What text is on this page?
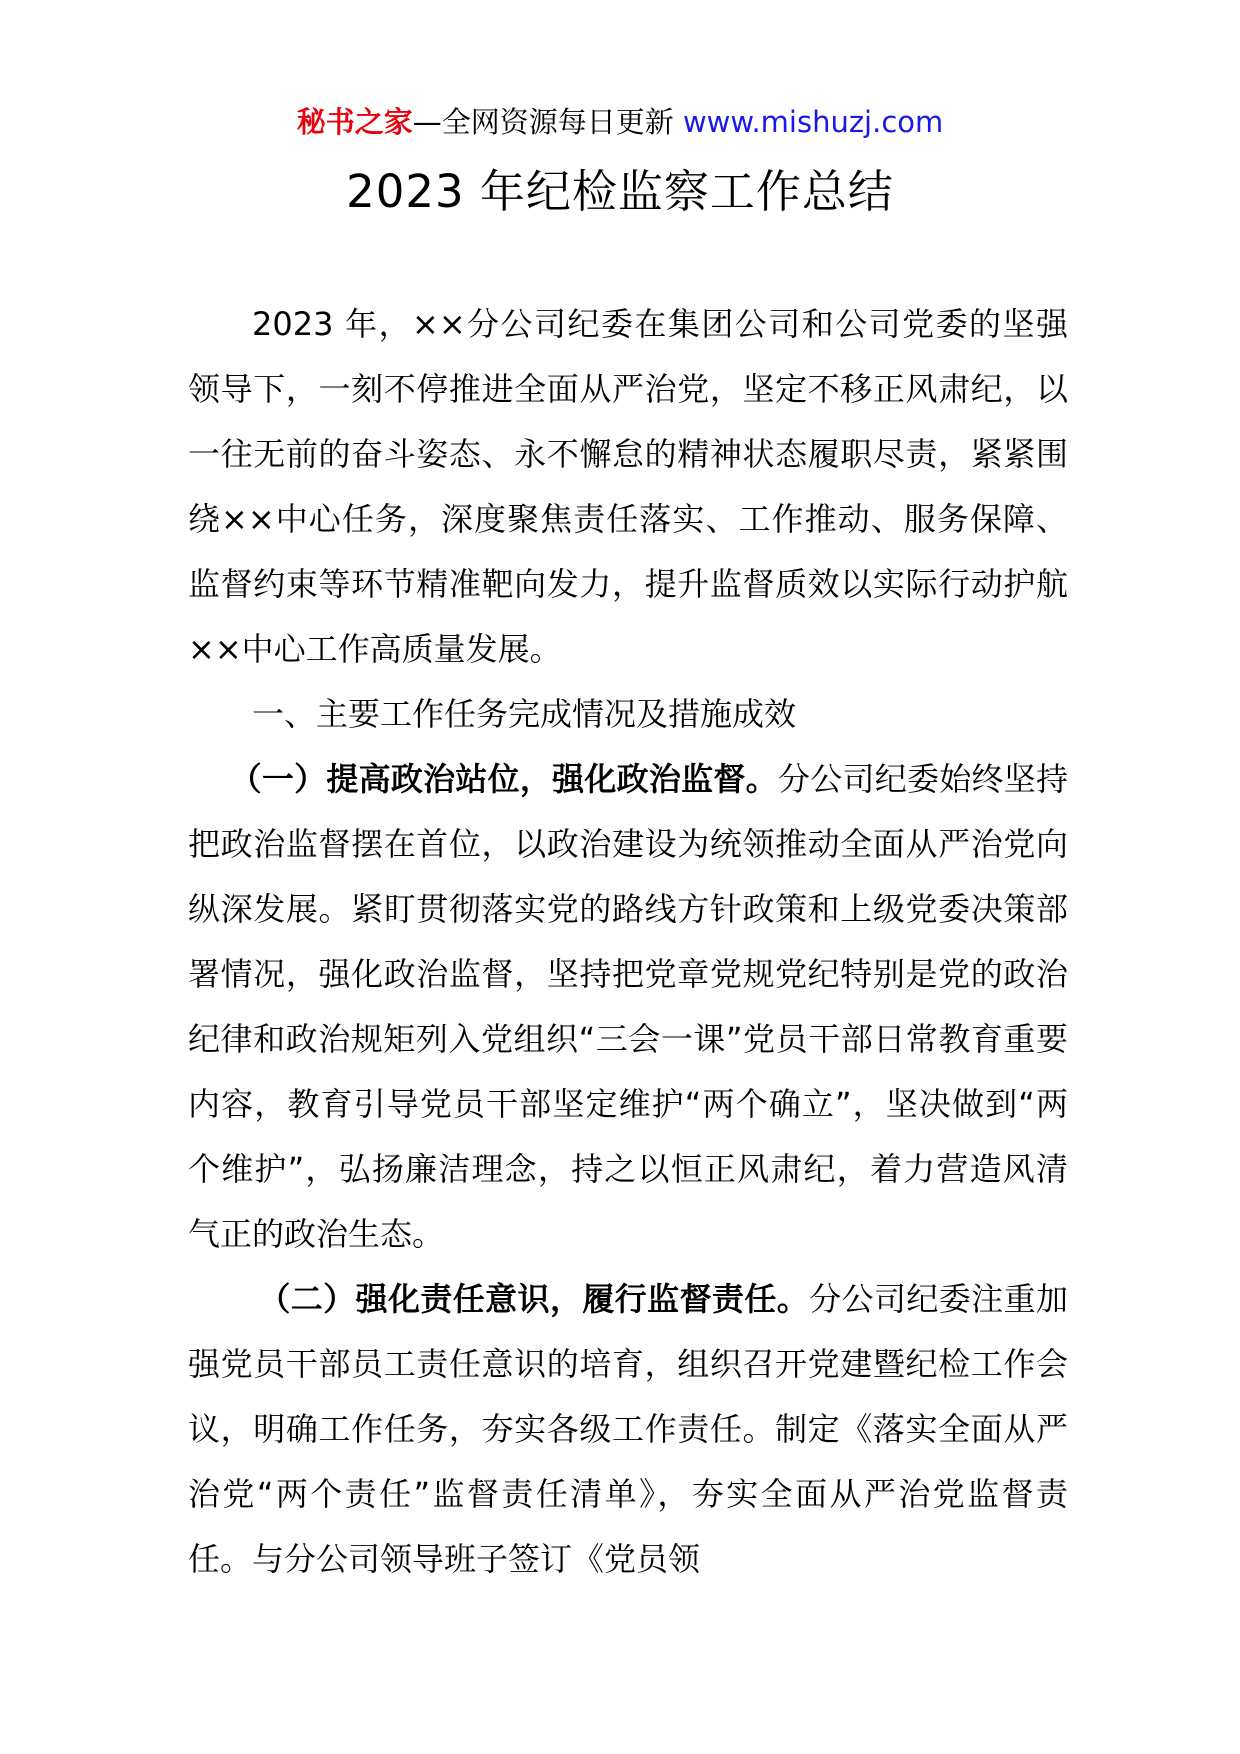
秘书之家—全网资源每日更新 www.mishuzj.com
2023 年纪检监察工作总结

2023 年，××分公司纪委在集团公司和公司党委的坚强领导下，一刻不停推进全面从严治党，坚定不移正风肃纪，以一往无前的奋斗姿态、永不懈怠的精神状态履职尽责，紧紧围绕××中心任务，深度聚焦责任落实、工作推动、服务保障、监督约束等环节精准靶向发力，提升监督质效以实际行动护航××中心工作高质量发展。

一、主要工作任务完成情况及措施成效

（一）提高政治站位，强化政治监督。分公司纪委始终坚持把政治监督摆在首位，以政治建设为统领推动全面从严治党向纵深发展。紧盯贯彻落实党的路线方针政策和上级党委决策部署情况，强化政治监督，坚持把党章党规党纪特别是党的政治纪律和政治规矩列入党组织“三会一课”党员干部日常教育重要内容，教育引导党员干部坚定维护“两个确立”，坚决做到“两个维护”，弘扬廉洁理念，持之以恒正风肃纪，着力营造风清气正的政治生态。

（二）强化责任意识，履行监督责任。分公司纪委注重加强党员干部员工责任意识的培育，组织召开党建暨纪检工作会议，明确工作任务，夯实各级工作责任。制定《落实全面从严治党“两个责任”监督责任清单》，夯实全面从严治党监督责任。与分公司领导班子签订《党员领
